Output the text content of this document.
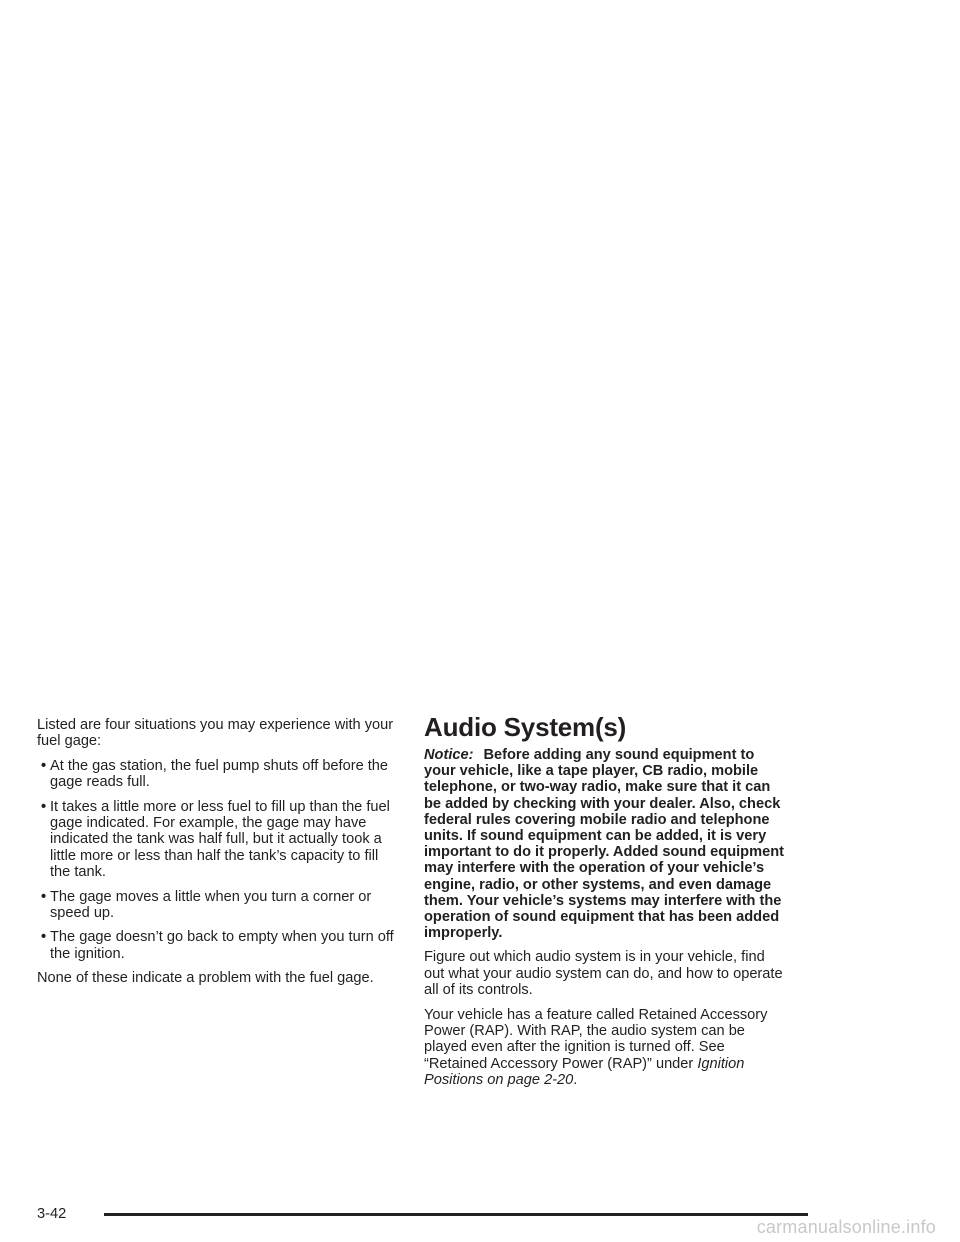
Listed are four situations you may experience with your fuel gage:

• At the gas station, the fuel pump shuts off before the gage reads full.
• It takes a little more or less fuel to fill up than the fuel gage indicated. For example, the gage may have indicated the tank was half full, but it actually took a little more or less than half the tank’s capacity to fill the tank.
• The gage moves a little when you turn a corner or speed up.
• The gage doesn’t go back to empty when you turn off the ignition.

None of these indicate a problem with the fuel gage.

Audio System(s)

Notice: Before adding any sound equipment to your vehicle, like a tape player, CB radio, mobile telephone, or two-way radio, make sure that it can be added by checking with your dealer. Also, check federal rules covering mobile radio and telephone units. If sound equipment can be added, it is very important to do it properly. Added sound equipment may interfere with the operation of your vehicle’s engine, radio, or other systems, and even damage them. Your vehicle’s systems may interfere with the operation of sound equipment that has been added improperly.

Figure out which audio system is in your vehicle, find out what your audio system can do, and how to operate all of its controls.

Your vehicle has a feature called Retained Accessory Power (RAP). With RAP, the audio system can be played even after the ignition is turned off. See “Retained Accessory Power (RAP)” under Ignition Positions on page 2-20.

3-42
carmanualsonline.info
